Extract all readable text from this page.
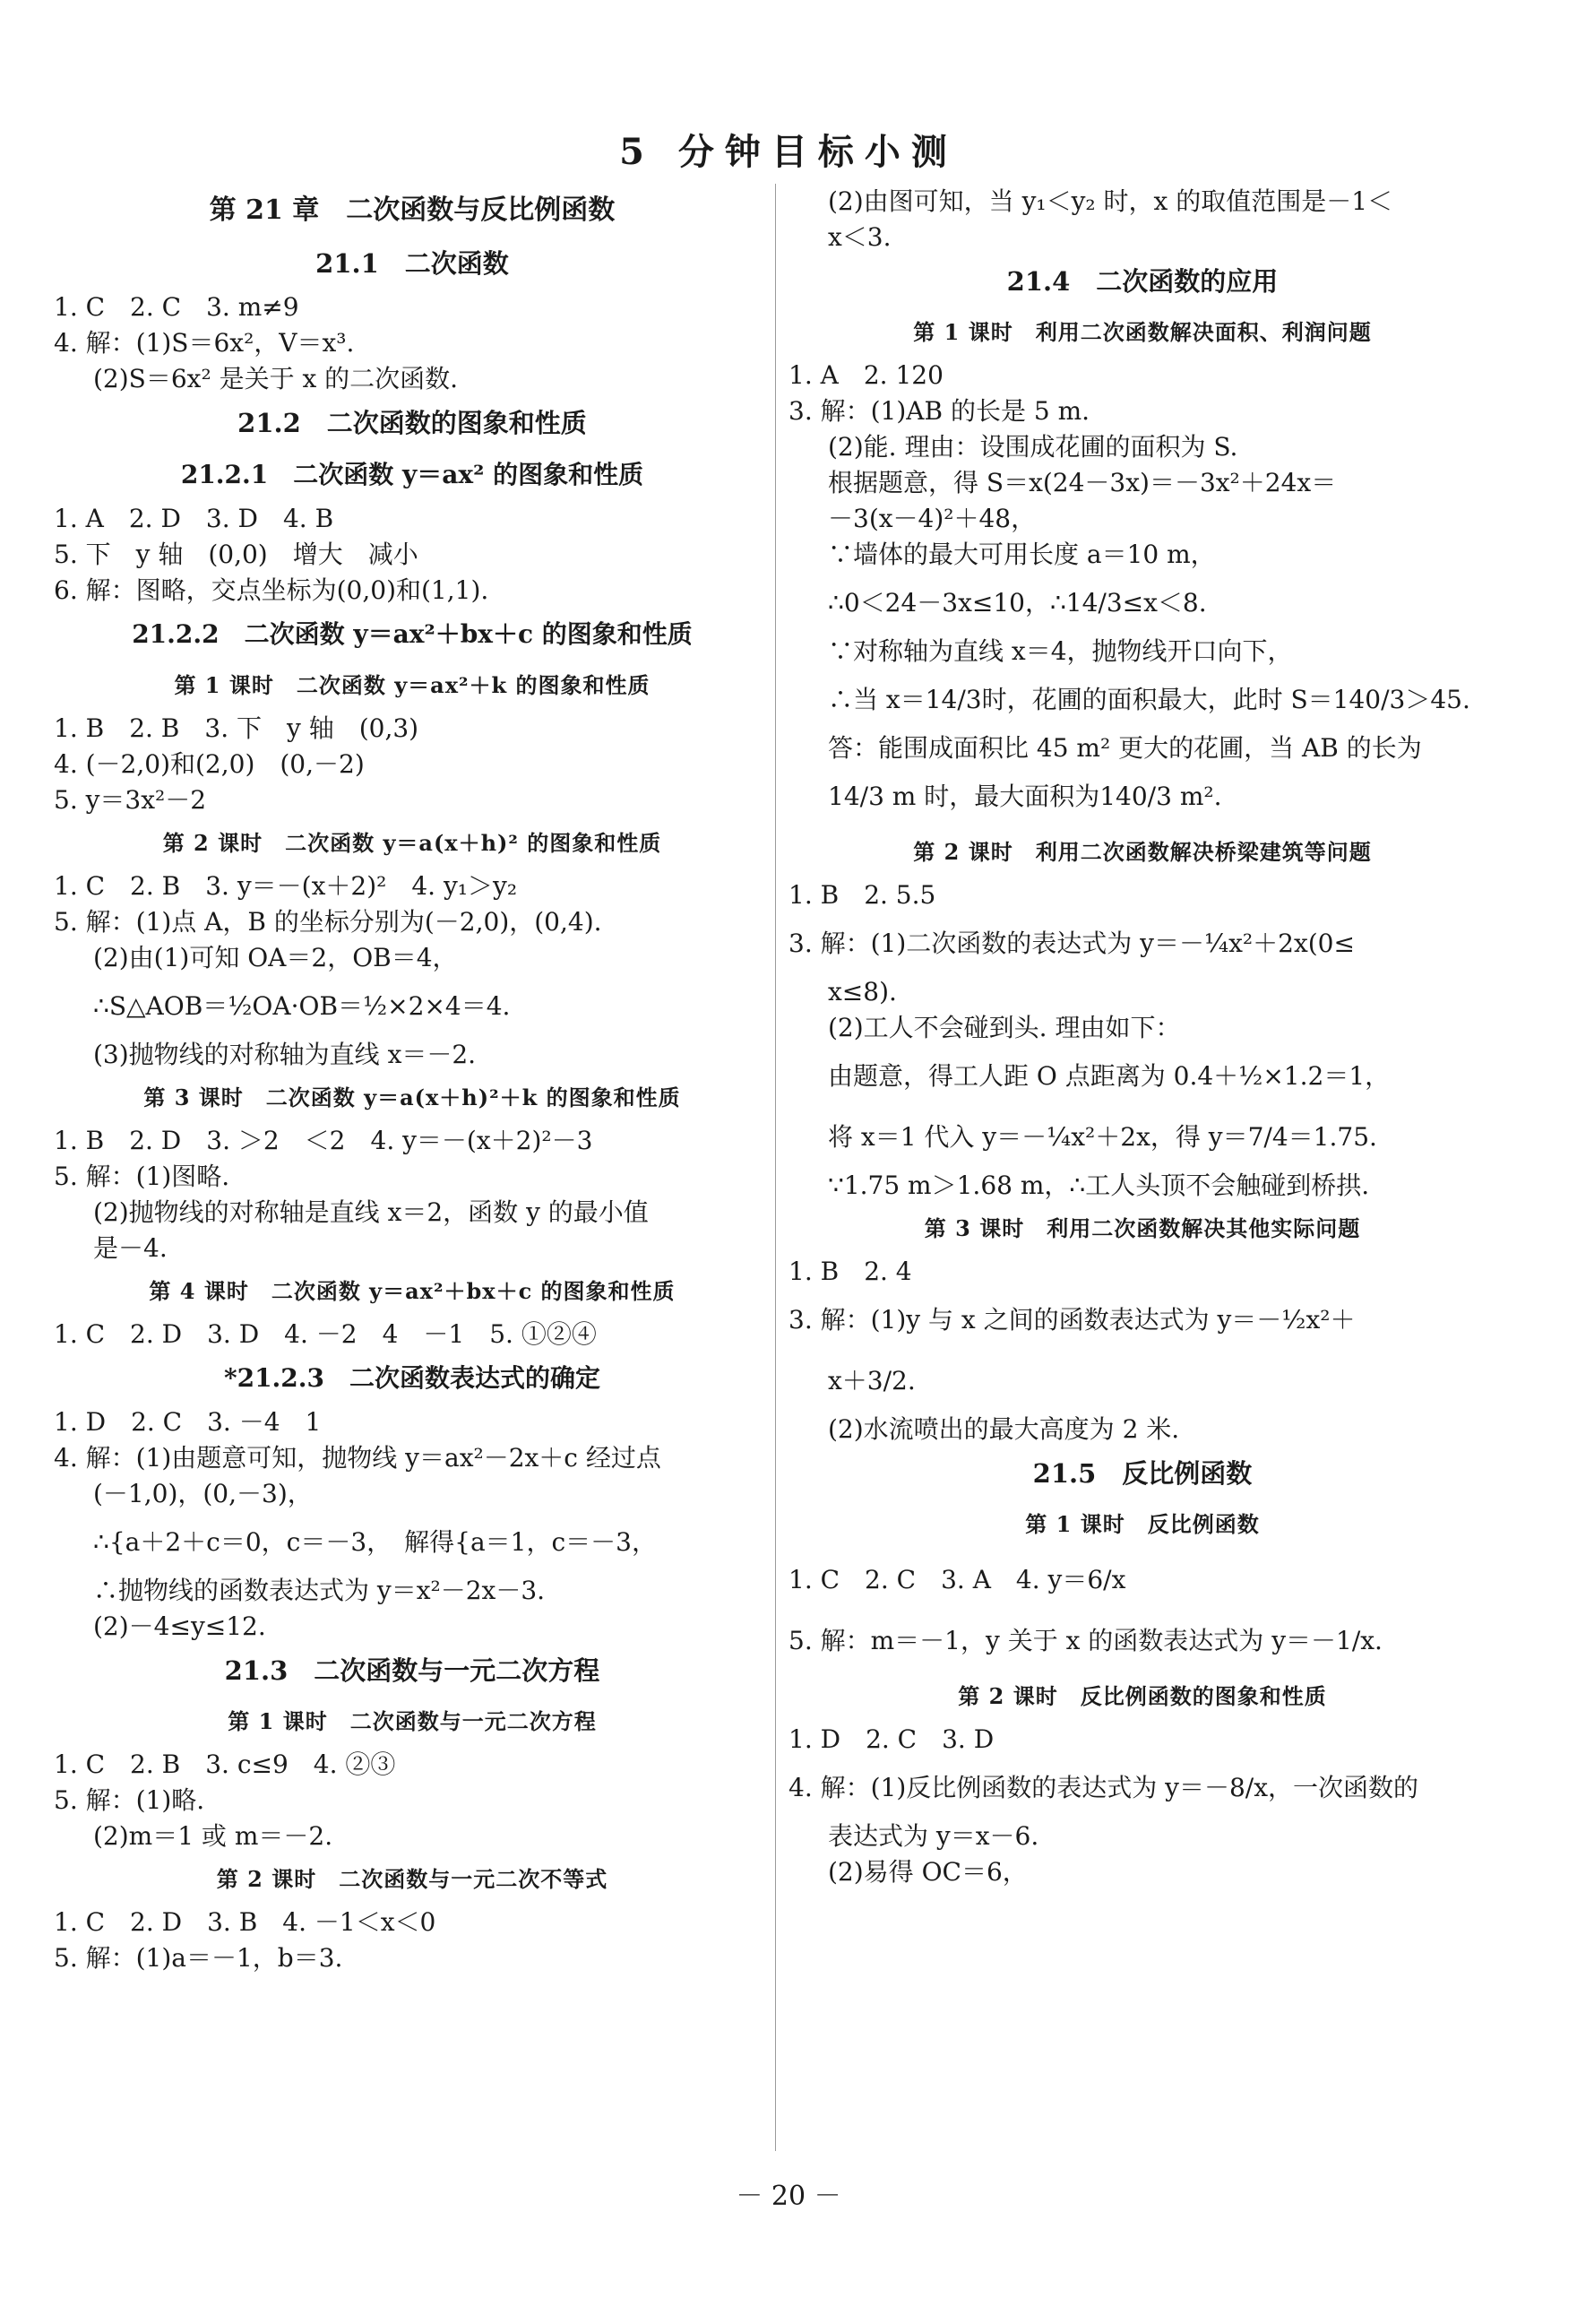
5 分钟目标小测
第 21 章　二次函数与反比例函数
21.1　二次函数
1. C　2. C　3. m≠9
4. 解：(1)S＝6x²，V＝x³.
(2)S＝6x² 是关于 x 的二次函数.
21.2　二次函数的图象和性质
21.2.1　二次函数 y＝ax² 的图象和性质
1. A　2. D　3. D　4. B
5. 下　y 轴　(0,0)　增大　减小
6. 解：图略，交点坐标为(0,0)和(1,1).
21.2.2　二次函数 y＝ax²＋bx＋c 的图象和性质
第 1 课时　二次函数 y＝ax²＋k 的图象和性质
1. B　2. B　3. 下　y 轴　(0,3)
4. (－2,0)和(2,0)　(0,－2)
5. y＝3x²－2
第 2 课时　二次函数 y＝a(x＋h)² 的图象和性质
1. C　2. B　3. y＝－(x＋2)²　4. y₁＞y₂
5. 解：(1)点 A，B 的坐标分别为(－2,0)，(0,4).
(2)由(1)可知 OA＝2，OB＝4，
∴S△AOB＝½OA·OB＝½×2×4＝4.
(3)抛物线的对称轴为直线 x＝－2.
第 3 课时　二次函数 y＝a(x＋h)²＋k 的图象和性质
1. B　2. D　3. ＞2　＜2　4. y＝－(x＋2)²－3
5. 解：(1)图略.
(2)抛物线的对称轴是直线 x＝2，函数 y 的最小值
是－4.
第 4 课时　二次函数 y＝ax²＋bx＋c 的图象和性质
1. C　2. D　3. D　4. －2　4　－1　5. ①②④
*21.2.3　二次函数表达式的确定
1. D　2. C　3. －4　1
4. 解：(1)由题意可知，抛物线 y＝ax²－2x＋c 经过点
(－1,0)，(0,－3)，
∴{a＋2＋c＝0，c＝－3，　解得{a＝1，c＝－3，
∴抛物线的函数表达式为 y＝x²－2x－3.
(2)－4≤y≤12.
21.3　二次函数与一元二次方程
第 1 课时　二次函数与一元二次方程
1. C　2. B　3. c≤9　4. ②③
5. 解：(1)略.
(2)m＝1 或 m＝－2.
第 2 课时　二次函数与一元二次不等式
1. C　2. D　3. B　4. －1＜x＜0
5. 解：(1)a＝－1，b＝3.
(2)由图可知，当 y₁＜y₂ 时，x 的取值范围是－1＜
x＜3.
21.4　二次函数的应用
第 1 课时　利用二次函数解决面积、利润问题
1. A　2. 120
3. 解：(1)AB 的长是 5 m.
(2)能. 理由：设围成花圃的面积为 S.
根据题意，得 S＝x(24－3x)＝－3x²＋24x＝
－3(x－4)²＋48，
∵墙体的最大可用长度 a＝10 m，
∴0＜24－3x≤10，∴14/3≤x＜8.
∵对称轴为直线 x＝4，抛物线开口向下，
∴当 x＝14/3时，花圃的面积最大，此时 S＝140/3＞45.
答：能围成面积比 45 m² 更大的花圃，当 AB 的长为
14/3 m 时，最大面积为140/3 m².
第 2 课时　利用二次函数解决桥梁建筑等问题
1. B　2. 5.5
3. 解：(1)二次函数的表达式为 y＝－¼x²＋2x(0≤
x≤8).
(2)工人不会碰到头. 理由如下：
由题意，得工人距 O 点距离为 0.4＋½×1.2＝1，
将 x＝1 代入 y＝－¼x²＋2x，得 y＝7/4＝1.75.
∵1.75 m＞1.68 m，∴工人头顶不会触碰到桥拱.
第 3 课时　利用二次函数解决其他实际问题
1. B　2. 4
3. 解：(1)y 与 x 之间的函数表达式为 y＝－½x²＋
x＋3/2.
(2)水流喷出的最大高度为 2 米.
21.5　反比例函数
第 1 课时　反比例函数
1. C　2. C　3. A　4. y＝6/x
5. 解：m＝－1，y 关于 x 的函数表达式为 y＝－1/x.
第 2 课时　反比例函数的图象和性质
1. D　2. C　3. D
4. 解：(1)反比例函数的表达式为 y＝－8/x，一次函数的
表达式为 y＝x－6.
(2)易得 OC＝6，
－ 20 －
